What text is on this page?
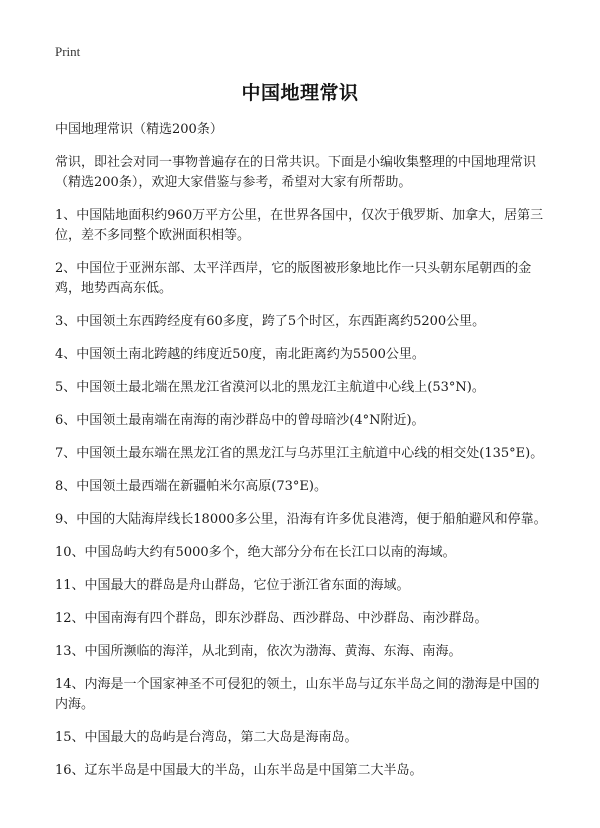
Print
中国地理常识

中国地理常识（精选200条）

常识，即社会对同一事物普遍存在的日常共识。下面是小编收集整理的中国地理常识（精选200条），欢迎大家借鉴与参考，希望对大家有所帮助。

1、中国陆地面积约960万平方公里，在世界各国中，仅次于俄罗斯、加拿大，居第三位，差不多同整个欧洲面积相等。

2、中国位于亚洲东部、太平洋西岸，它的版图被形象地比作一只头朝东尾朝西的金鸡，地势西高东低。

3、中国领土东西跨经度有60多度，跨了5个时区，东西距离约5200公里。

4、中国领土南北跨越的纬度近50度，南北距离约为5500公里。

5、中国领土最北端在黑龙江省漠河以北的黑龙江主航道中心线上(53°N)。

6、中国领土最南端在南海的南沙群岛中的曾母暗沙(4°N附近)。

7、中国领土最东端在黑龙江省的黑龙江与乌苏里江主航道中心线的相交处(135°E)。

8、中国领土最西端在新疆帕米尔高原(73°E)。

9、中国的大陆海岸线长18000多公里，沿海有许多优良港湾，便于船舶避风和停靠。

10、中国岛屿大约有5000多个，绝大部分分布在长江口以南的海域。

11、中国最大的群岛是舟山群岛，它位于浙江省东面的海域。

12、中国南海有四个群岛，即东沙群岛、西沙群岛、中沙群岛、南沙群岛。

13、中国所濒临的海洋，从北到南，依次为渤海、黄海、东海、南海。

14、内海是一个国家神圣不可侵犯的领土，山东半岛与辽东半岛之间的渤海是中国的内海。

15、中国最大的岛屿是台湾岛，第二大岛是海南岛。

16、辽东半岛是中国最大的半岛，山东半岛是中国第二大半岛。
